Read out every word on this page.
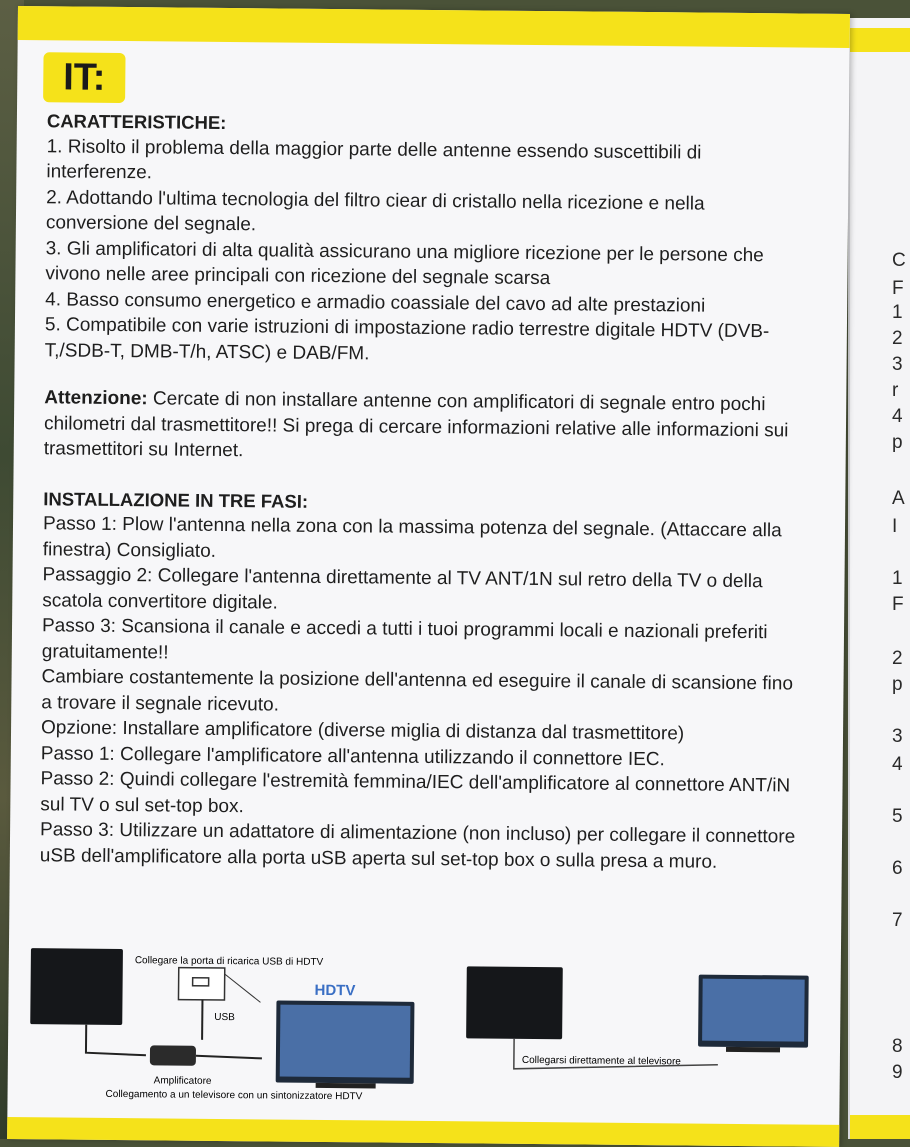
C
F
1
2
3
r
4
p
A
I
1
F
2
p
3
4
5
6
7
8
9
IT:
CARATTERISTICHE:

1. Risolto il problema della maggior parte delle antenne essendo suscettibili di interferenze.

2. Adottando l'ultima tecnologia del filtro ciear di cristallo nella ricezione e nella conversione del segnale.

3. Gli amplificatori di alta qualità assicurano una migliore ricezione per le persone che vivono nelle aree principali con ricezione del segnale scarsa

4. Basso consumo energetico e armadio coassiale del cavo ad alte prestazioni

5. Compatibile con varie istruzioni di impostazione radio terrestre digitale HDTV (DVB-T,/SDB-T, DMB-T/h, ATSC) e DAB/FM.

Attenzione: Cercate di non installare antenne con amplificatori di segnale entro pochi chilometri dal trasmettitore!! Si prega di cercare informazioni relative alle informazioni sui trasmettitori su Internet.

INSTALLAZIONE IN TRE FASI:

Passo 1: Plow l'antenna nella zona con la massima potenza del segnale. (Attaccare alla finestra) Consigliato.

Passaggio 2: Collegare l'antenna direttamente al TV ANT/1N sul retro della TV o della scatola convertitore digitale.

Passo 3: Scansiona il canale e accedi a tutti i tuoi programmi locali e nazionali preferiti gratuitamente!!

Cambiare costantemente la posizione dell'antenna ed eseguire il canale di scansione fino a trovare il segnale ricevuto.

Opzione: Installare amplificatore (diverse miglia di distanza dal trasmettitore)

Passo 1: Collegare l'amplificatore all'antenna utilizzando il connettore IEC.

Passo 2: Quindi collegare l'estremità femmina/IEC dell'amplificatore al connettore ANT/iN sul TV o sul set-top box.

Passo 3: Utilizzare un adattatore di alimentazione (non incluso) per collegare il connettore uSB dell'amplificatore alla porta uSB aperta sul set-top box o sulla presa a muro.

Collegare la porta di ricarica USB di HDTV
USB
HDTV
Amplificatore
Collegamento a un televisore con un sintonizzatore HDTV
Collegarsi direttamente al televisore
